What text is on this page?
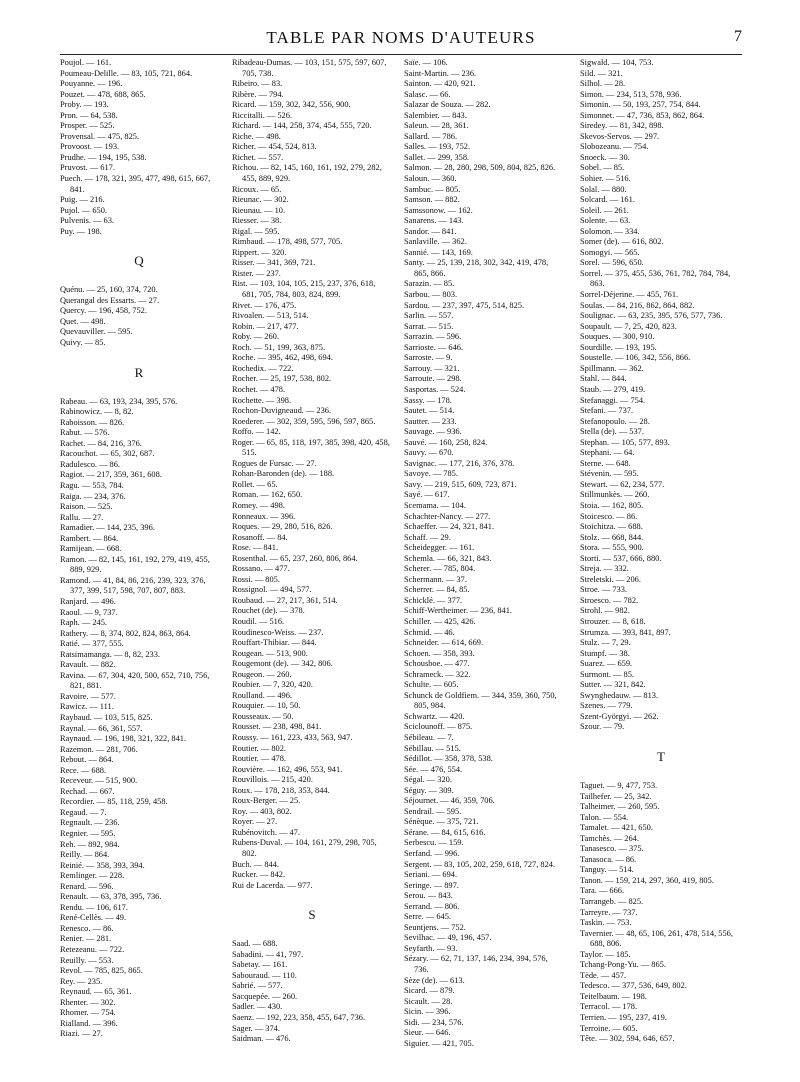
TABLE PAR NOMS D'AUTEURS	7
Poujol. — 161.
Poumeau-Delille. — 83, 105, 721, 864.
Pouyanne. — 196.
Pouzet. — 478, 688, 865.
Proby. — 193.
Pron. — 64, 538.
Prosper. — 525.
Provensal. — 475, 825.
Provoost. — 193.
Prudhe. — 194, 195, 538.
Pruvost. — 617.
Puech. — 178, 321, 395, 477, 498, 615, 667, 841.
Puig. — 216.
Pujol. — 650.
Pulvenis. — 63.
Puy. — 198.
Q
Quénu. — 25, 160, 374, 720.
Querangal des Essarts. — 27.
Quercy. — 196, 458, 752.
Quet. — 498.
Quevauviller. — 595.
Quivy. — 85.
R
Rabeau. — 63, 193, 234, 395, 576.
Rabinowicz. — 8, 82.
Raboisson. — 826.
Rabut. — 576.
Rachet. — 84, 216, 376.
Racouchot. — 65, 302, 687.
Radulesco. — 86.
Ragiot. — 217, 359, 361, 608.
Ragu. — 553, 784.
Raiga. — 234, 376.
Raison. — 525.
Rallu. — 27.
Ramadier. — 144, 235, 396.
Rambert. — 864.
Ramijean. — 668.
Ramon. — 82, 145, 161, 192, 279, 419, 455, 889, 929.
Ramond. — 41, 84, 86, 216, 239, 323, 376, 377, 399, 517, 598, 707, 807, 883.
Ranjard. — 496.
Raoul. — 9, 737.
Raph. — 245.
Rathery. — 8, 374, 802, 824, 863, 864.
Ratié. — 377, 555.
Ratsimamanga. — 8, 82, 233.
Ravault. — 882.
Ravina. — 67, 304, 420, 500, 652, 710, 756, 821, 881.
Ravoire. — 577.
Rawicz. — 111.
Raybaud. — 103, 515, 825.
Raynal. — 66, 361, 557.
Raynaud. — 196, 198, 321, 322, 841.
Razemon. — 281, 706.
Rebout. — 864.
Rece. — 688.
Receveur. — 515, 900.
Rechad. — 667.
Recordier. — 85, 118, 259, 458.
Regaud. — 7.
Regnault. — 236.
Regnier. — 595.
Reh. — 892, 984.
Reilly. — 864.
Reinié. — 358, 393, 394.
Remlinger. — 228.
Renard. — 596.
Renault. — 63, 378, 395, 736.
Rendu. — 106, 617.
René-Cellès. — 49.
Renesco. — 86.
Renier. — 281.
Retezeanu. — 722.
Reuilly. — 553.
Revol. — 785, 825, 865.
Rey. — 235.
Reynaud. — 65, 361.
Rhenter. — 302.
Rhomer. — 754.
Rialland. — 396.
Riazi. — 27.
Ribadeau-Dumas. — 103, 151, 575, 597, 607, 705, 738.
Ribeiro. — 83.
Ribère. — 794.
Ricard. — 159, 302, 342, 556, 900.
Riccitalli. — 526.
Richard. — 144, 258, 374, 454, 555, 720.
Riche. — 498.
Richer. — 454, 524, 813.
Richet. — 557.
Richou. — 82, 145, 160, 161, 192, 279, 282, 455, 889, 929.
Ricoux. — 65.
Rieunac. — 302.
Rieunau. — 10.
Riesser. — 38.
Rigal. — 595.
Rimbaud. — 178, 498, 577, 705.
Rippert. — 320.
Risser. — 341, 369, 721.
Rister. — 237.
Rist. — 103, 104, 105, 215, 237, 376, 618, 681, 705, 784, 803, 824, 899.
Rivet. — 176, 475.
Rivoalen. — 513, 514.
Robin. — 217, 477.
Roby. — 260.
Roch. — 51, 199, 363, 875.
Roche. — 395, 462, 498, 694.
Rochedix. — 722.
Rocher. — 25, 197, 538, 802.
Rochet. — 478.
Rochette. — 398.
Rochon-Duvigneaud. — 236.
Roederer. — 302, 359, 595, 596, 597, 865.
Roffo. — 142.
Roger. — 65, 85, 118, 197, 385, 398, 420, 458, 515.
Rogues de Fursac. — 27.
Rohan-Baronden (de). — 188.
Rollet. — 65.
Roman. — 162, 650.
Romey. — 498.
Ronneaux. — 396.
Roques. — 29, 280, 516, 826.
Rosanoff. — 84.
Rose. — 841.
Rosenthal. — 65, 237, 260, 806, 864.
Rossano. — 477.
Rossi. — 805.
Rossignol. — 494, 577.
Roubaud. — 27, 217, 361, 514.
Rouchet (de). — 378.
Roudil. — 516.
Roudinesco-Weiss. — 237.
Rouffart-Thibiar. — 844.
Rougean. — 513, 900.
Rougemont (de). — 342, 806.
Rougeon. — 260.
Roubier. — 7, 320, 420.
Roulland. — 496.
Rouquier. — 10, 50.
Rousseaux. — 50.
Rousset. — 238, 498, 841.
Roussy. — 161, 223, 433, 563, 947.
Routier. — 802.
Routier. — 478.
Rouvière. — 162, 496, 553, 941.
Rouvillois. — 215, 420.
Roux. — 178, 218, 353, 844.
Roux-Berger. — 25.
Roy. — 403, 802.
Royer. — 27.
Rubénovitch. — 47.
Rubens-Duval. — 104, 161, 279, 298, 705, 802.
Buch. — 844.
Rucker. — 842.
Rui de Lacerda. — 977.
S
Saad. — 688.
Sabadini. — 41, 797.
Sabetay. — 161.
Sabouraud. — 110.
Sabrié. — 577.
Sacquepée. — 260.
Sadler. — 430.
Saenz. — 192, 223, 358, 455, 647, 736.
Sager. — 374.
Saidman. — 476.
Saïe. — 106.
Saint-Martin. — 236.
Sainton. — 420, 921.
Salasc. — 66.
Salazar de Souza. — 282.
Salembier. — 843.
Saleun. — 28, 361.
Sallard. — 786.
Salles. — 193, 752.
Sallet. — 299, 358.
Salmon. — 28, 280, 298, 509, 804, 825, 826.
Saloun. — 360.
Sambuc. — 805.
Samson. — 882.
Samssonow. — 162.
Sanarens. — 143.
Sandor. — 841.
Sanlaville. — 362.
Sannié. — 143, 169.
Santy. — 25, 139, 218, 302, 342, 419, 478, 865, 866.
Sarazin. — 85.
Sarbou. — 803.
Sardou. — 237, 397, 475, 514, 825.
Sarlin. — 557.
Sarrat. — 515.
Sarrazin. — 596.
Sarrioste. — 646.
Sarroste. — 9.
Sarrouy. — 321.
Sarroute. — 298.
Sasportas. — 524.
Sassy. — 178.
Sautet. — 514.
Sautter. — 233.
Sauvage. — 936.
Sauvé. — 160, 258, 824.
Sauvy. — 670.
Savignac. — 177, 216, 376, 378.
Savoye. — 785.
Savy. — 219, 515, 609, 723, 871.
Sayé. — 617.
Scemama. — 104.
Schachter-Nancy. — 277.
Schaeffer. — 24, 321, 841.
Schaff. — 29.
Scheidegger. — 161.
Schemla. — 66, 321, 843.
Scherer. — 785, 804.
Schermann. — 37.
Scherrer. — 84, 85.
Schicklé. — 377.
Schiff-Wertheimer. — 236, 841.
Schiller. — 425, 426.
Schmid. — 46.
Schneider. — 614, 669.
Schoen. — 358, 393.
Schousboe. — 477.
Schrameck. — 322.
Schulte. — 605.
Schunck de Goldfiem. — 344, 359, 360, 750, 805, 984.
Schwartz. — 420.
Sciclounoff. — 875.
Sébileau. — 7.
Sébillau. — 515.
Sédillot. — 358, 378, 538.
Sée. — 476, 554.
Ségal. — 320.
Séguy. — 309.
Séjournet. — 46, 359, 706.
Sendrail. — 595.
Sénèque. — 375, 721.
Sérane. — 84, 615, 616.
Serbescu. — 159.
Serfand. — 996.
Sergent. — 83, 105, 202, 259, 618, 727, 824.
Seriani. — 694.
Seringe. — 897.
Serou. — 843.
Serrand. — 806.
Serre. — 645.
Seuntjens. — 752.
Sevilhac. — 49, 196, 457.
Seyfarth. — 93.
Sézary. — 62, 71, 137, 146, 234, 394, 576, 736.
Sèze (de). — 613.
Sicard. — 879.
Sicault. — 28.
Sicin. — 396.
Sidi. — 234, 576.
Sieur. — 646.
Siguier. — 421, 705.
Sigwald. — 104, 753.
Sild. — 321.
Silhol. — 28.
Simon. — 234, 513, 578, 936.
Simonin. — 50, 193, 257, 754, 844.
Simonnet. — 47, 736, 853, 862, 864.
Siredey. — 81, 342, 898.
Skevos-Servos. — 297.
Slobozeanu. — 754.
Snoeck. — 30.
Sobel. — 85.
Sohier. — 516.
Solal. — 880.
Solcard. — 161.
Soleil. — 261.
Solente. — 63.
Solomon. — 334.
Somer (de). — 616, 802.
Somogyi. — 565.
Sorel. — 596, 650.
Sorrel. — 375, 455, 536, 761, 782, 784, 784, 863.
Sorrel-Déjerine. — 455, 761.
Soulas. — 84, 216, 862, 864, 882.
Soulignac. — 63, 235, 395, 576, 577, 736.
Soupault. — 7, 25, 420, 823.
Souques. — 300, 910.
Sourdille. — 193, 195.
Soustelle. — 106, 342, 556, 866.
Spillmann. — 362.
Stahl. — 844.
Staub. — 279, 419.
Stefanaggi. — 754.
Stefani. — 737.
Stefanopoulo. — 28.
Stella (de). — 537.
Stephan. — 105, 577, 893.
Stephani. — 64.
Sterne. — 648.
Stévenin. — 595.
Stewart. — 62, 234, 577.
Stillmunkès. — 260.
Stoia. — 162, 805.
Stoicesco. — 86.
Stoichitza. — 688.
Stolz. — 668, 844.
Stora. — 555, 900.
Storti. — 537, 666, 880.
Streja. — 332.
Streletski. — 206.
Stroe. — 733.
Stroesco. — 782.
Strohl. — 982.
Strouzer. — 8, 618.
Strumza. — 393, 841, 897.
Stulz. — 7, 29.
Stumpf. — 38.
Suarez. — 659.
Surmont. — 85.
Sutter. — 321, 842.
Swynghedauw. — 813.
Szenes. — 779.
Szent-Györgyi. — 262.
Szour. — 79.
T
Taguet. — 9, 477, 753.
Tailhefer. — 25, 342.
Talheimer. — 260, 595.
Talon. — 554.
Tamalet. — 421, 650.
Tamchès. — 264.
Tanasesco. — 375.
Tanasoca. — 86.
Tanguy. — 514.
Tanon. — 159, 214, 297, 360, 419, 805.
Tara. — 666.
Tarrangeb. — 825.
Tarreyre. — 737.
Taskin. — 753.
Tavernier. — 48, 65, 106, 261, 478, 514, 556, 688, 806.
Taylor. — 185.
Tchang-Pong-Yu. — 865.
Tède. — 457.
Tedesco. — 377, 536, 649, 802.
Teitelbaum. — 198.
Terracol. — 178.
Terrien. — 195, 237, 419.
Terroine. — 605.
Tête. — 302, 594, 646, 657.
